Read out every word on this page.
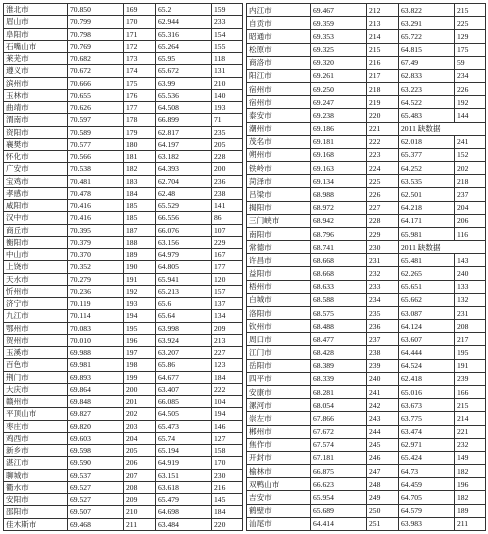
淮北市	70.850	169	65.2	159
眉山市	70.799	170	62.944	233
阜阳市	70.798	171	65.316	154
石嘴山市	70.769	172	65.264	155
莱芜市	70.682	173	65.95	118
遵义市	70.672	174	65.672	131
滨州市	70.666	175	63.99	210
玉林市	70.655	176	65.536	140
曲靖市	70.626	177	64.508	193
渭南市	70.597	178	66.899	71
资阳市	70.589	179	62.817	235
襄樊市	70.577	180	64.197	205
怀化市	70.566	181	63.182	228
广安市	70.538	182	64.393	200
宝鸡市	70.481	183	62.704	236
孝感市	70.478	184	62.48	238
咸阳市	70.416	185	65.529	141
汉中市	70.416	185	66.556	86
商丘市	70.395	187	66.076	107
衡阳市	70.379	188	63.156	229
中山市	70.370	189	64.979	167
上饶市	70.352	190	64.805	177
天水市	70.279	191	65.941	120
忻州市	70.236	192	65.213	157
济宁市	70.119	193	65.6	137
九江市	70.114	194	65.64	134
鄂州市	70.083	195	63.998	209
贺州市	70.010	196	63.924	213
玉溪市	69.988	197	63.207	227
百色市	69.981	198	65.86	123
荆门市	69.893	199	64.677	184
大庆市	69.864	200	63.407	222
赣州市	69.848	201	66.085	104
平顶山市	69.827	202	64.505	194
枣庄市	69.820	203	65.473	146
鸡西市	69.603	204	65.74	127
新乡市	69.598	205	65.194	158
湛江市	69.590	206	64.919	170
聊城市	69.537	207	63.151	230
衢水市	69.527	208	63.618	216
安阳市	69.527	209	65.479	145
邵阳市	69.507	210	64.698	184
佳木斯市	69.468	211	63.484	220
内江市	69.467	212	63.822	215
自贡市	69.359	213	63.291	225
昭通市	69.353	214	65.722	129
松原市	69.325	215	64.815	175
商洛市	69.320	216	67.49	59
阳江市	69.261	217	62.833	234
宿州市	69.250	218	63.223	226
宿州市	69.247	219	64.522	192
泰安市	69.238	220	65.483	144
潮州市	69.186	221	2011 缺数据	
茂名市	69.181	222	62.018	241
朔州市	69.168	223	65.377	152
铁岭市	69.163	224	64.252	202
菏泽市	69.134	225	63.535	218
吕梁市	68.988	226	62.501	237
揭阳市	68.972	227	64.218	204
三门峡市	68.942	228	64.171	206
南阳市	68.796	229	65.981	116
常德市	68.741	230	2011 缺数据	
许昌市	68.668	231	65.481	143
益阳市	68.668	232	62.265	240
梧州市	68.633	233	65.651	133
白城市	68.588	234	65.662	132
洛阳市	68.575	235	63.087	231
钦州市	68.488	236	64.124	208
周口市	68.477	237	63.607	217
江门市	68.428	238	64.444	195
岳阳市	68.389	239	64.524	191
四平市	68.339	240	62.418	239
安康市	68.281	241	65.016	166
漯河市	68.054	242	63.673	215
崇左市	67.866	243	63.775	214
郴州市	67.672	244	63.474	221
焦作市	67.574	245	62.971	232
开封市	67.181	246	65.424	149
榆林市	66.875	247	64.73	182
双鸭山市	66.623	248	64.459	196
吉安市	65.954	249	64.705	182
鹤壁市	65.689	250	64.579	189
汕尾市	64.414	251	63.983	211
